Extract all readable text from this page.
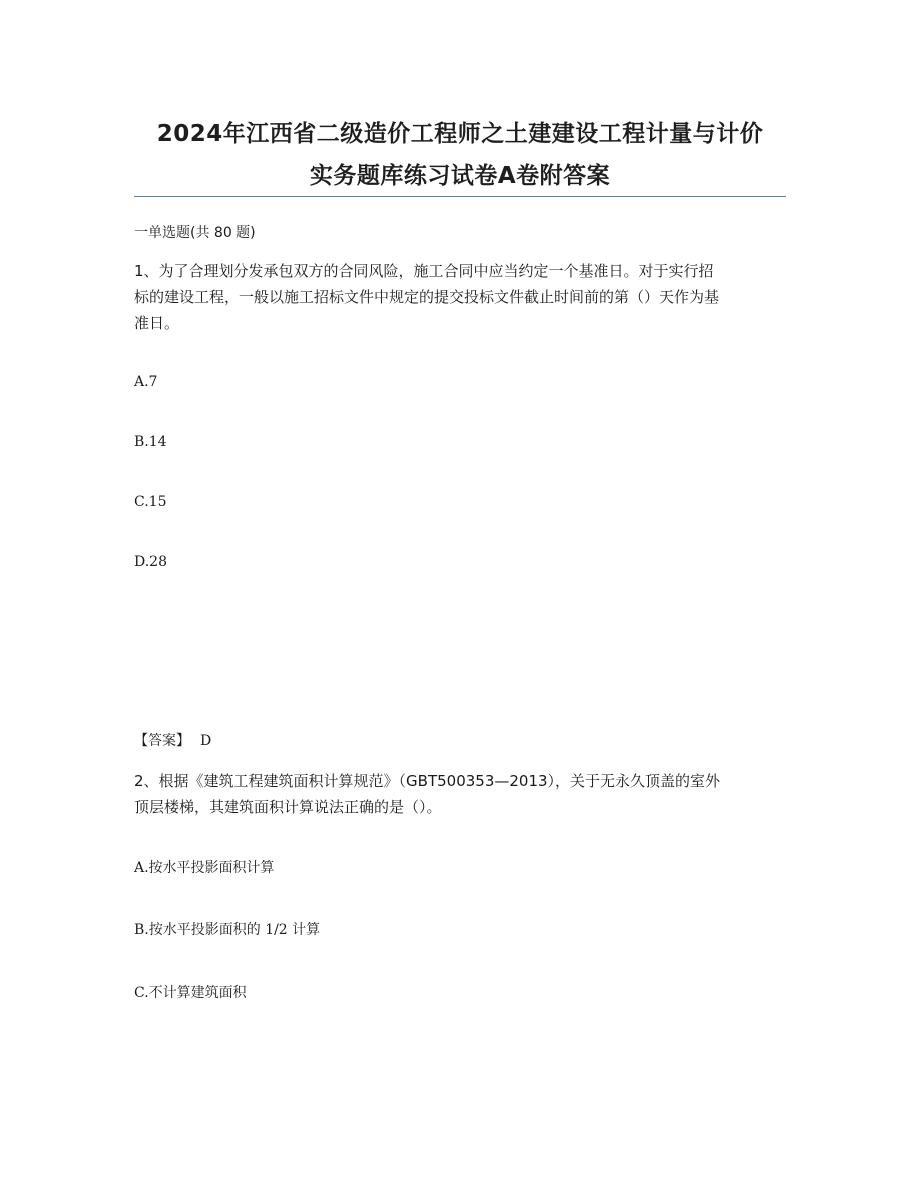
2024年江西省二级造价工程师之土建建设工程计量与计价
实务题库练习试卷A卷附答案
一单选题(共 80 题)
1、为了合理划分发承包双方的合同风险，施工合同中应当约定一个基准日。对于实行招
标的建设工程，一般以施工招标文件中规定的提交投标文件截止时间前的第（）天作为基
准日。
A.7
B.14
C.15
D.28
【答案】 D
2、根据《建筑工程建筑面积计算规范》（GBT500353—2013），关于无永久顶盖的室外
顶层楼梯，其建筑面积计算说法正确的是（）。
A.按水平投影面积计算
B.按水平投影面积的 1/2 计算
C.不计算建筑面积
